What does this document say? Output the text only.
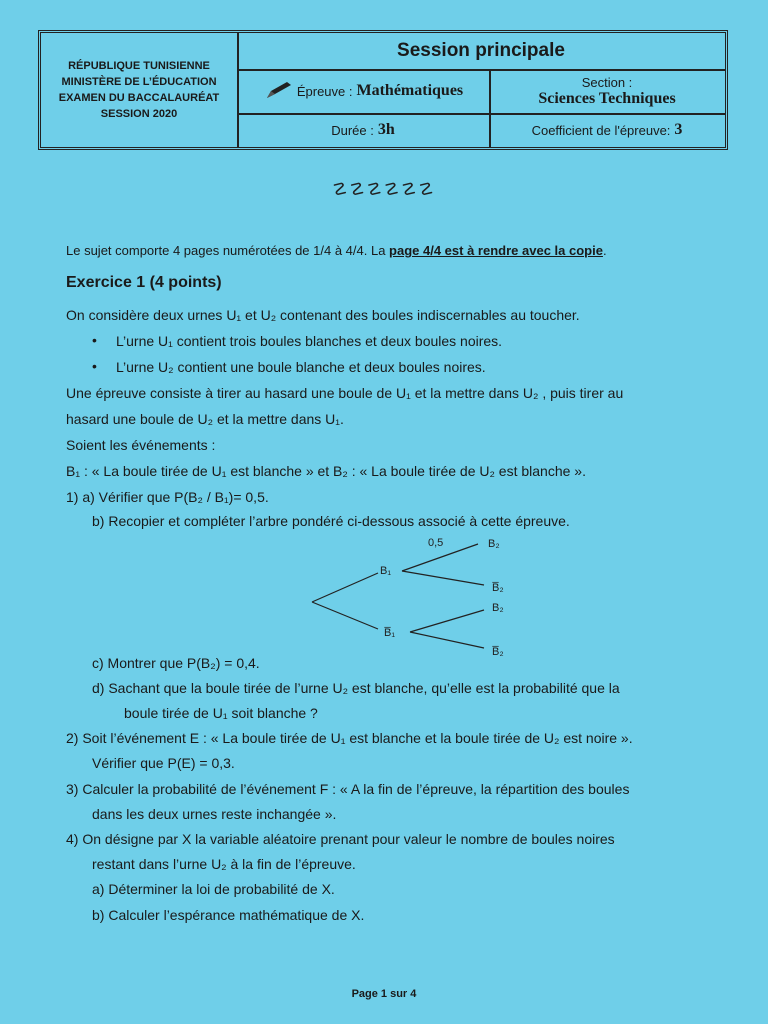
RÉPUBLIQUE TUNISIENNE
MINISTÈRE DE L’ÉDUCATION
EXAMEN DU BACCALAURÉAT
SESSION 2020
Session principale
Épreuve : Mathématiques	Section :
Sciences Techniques
Durée : 3h	Coefficient de l'épreuve: 3
☡☡☡☡☡☡
Le sujet comporte 4 pages numérotées de 1/4 à 4/4. La page 4/4 est à rendre avec la copie.
Exercice 1 (4 points)
On considère deux urnes U₁ et U₂ contenant des boules indiscernables au toucher.
• L’urne U₁ contient trois boules blanches et deux boules noires.
• L’urne U₂ contient une boule blanche et deux boules noires.
Une épreuve consiste à tirer au hasard une boule de U₁ et la mettre dans U₂ , puis tirer au
hasard une boule de U₂ et la mettre dans U₁.
Soient les événements :
B₁ : « La boule tirée de U₁ est blanche » et B₂ : « La boule tirée de U₂ est blanche ».
1) a) Vérifier que P(B₂ / B₁)= 0,5.
b) Recopier et compléter l’arbre pondéré ci-dessous associé à cette épreuve.
0,5
B₁
B̅₁
B₂
B̅₂
B₂
B̅₂
c) Montrer que P(B₂) = 0,4.
d) Sachant que la boule tirée de l’urne U₂ est blanche, qu’elle est la probabilité que la
boule tirée de U₁ soit blanche ?
2) Soit l’événement E : « La boule tirée de U₁ est blanche et la boule tirée de U₂ est noire ».
Vérifier que P(E) = 0,3.
3) Calculer la probabilité de l’événement F : « A la fin de l’épreuve, la répartition des boules
dans les deux urnes reste inchangée ».
4) On désigne par X la variable aléatoire prenant pour valeur le nombre de boules noires
restant dans l’urne U₂ à la fin de l’épreuve.
a) Déterminer la loi de probabilité de X.
b) Calculer l’espérance mathématique de X.
Page 1 sur 4
